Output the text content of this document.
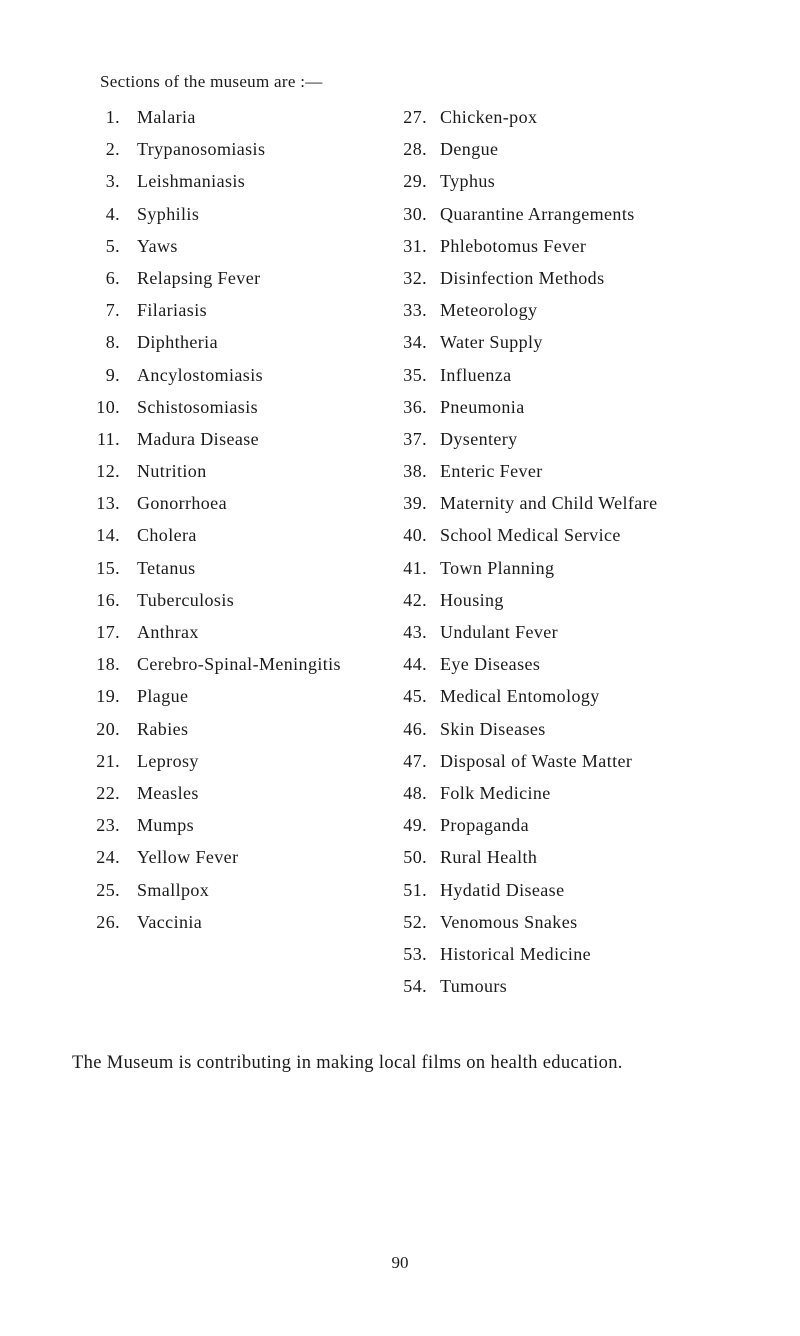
Sections of the museum are :—
1. Malaria
2. Trypanosomiasis
3. Leishmaniasis
4. Syphilis
5. Yaws
6. Relapsing Fever
7. Filariasis
8. Diphtheria
9. Ancylostomiasis
10. Schistosomiasis
11. Madura Disease
12. Nutrition
13. Gonorrhoea
14. Cholera
15. Tetanus
16. Tuberculosis
17. Anthrax
18. Cerebro-Spinal-Meningitis
19. Plague
20. Rabies
21. Leprosy
22. Measles
23. Mumps
24. Yellow Fever
25. Smallpox
26. Vaccinia
27. Chicken-pox
28. Dengue
29. Typhus
30. Quarantine Arrangements
31. Phlebotomus Fever
32. Disinfection Methods
33. Meteorology
34. Water Supply
35. Influenza
36. Pneumonia
37. Dysentery
38. Enteric Fever
39. Maternity and Child Welfare
40. School Medical Service
41. Town Planning
42. Housing
43. Undulant Fever
44. Eye Diseases
45. Medical Entomology
46. Skin Diseases
47. Disposal of Waste Matter
48. Folk Medicine
49. Propaganda
50. Rural Health
51. Hydatid Disease
52. Venomous Snakes
53. Historical Medicine
54. Tumours
The Museum is contributing in making local films on health education.
90
